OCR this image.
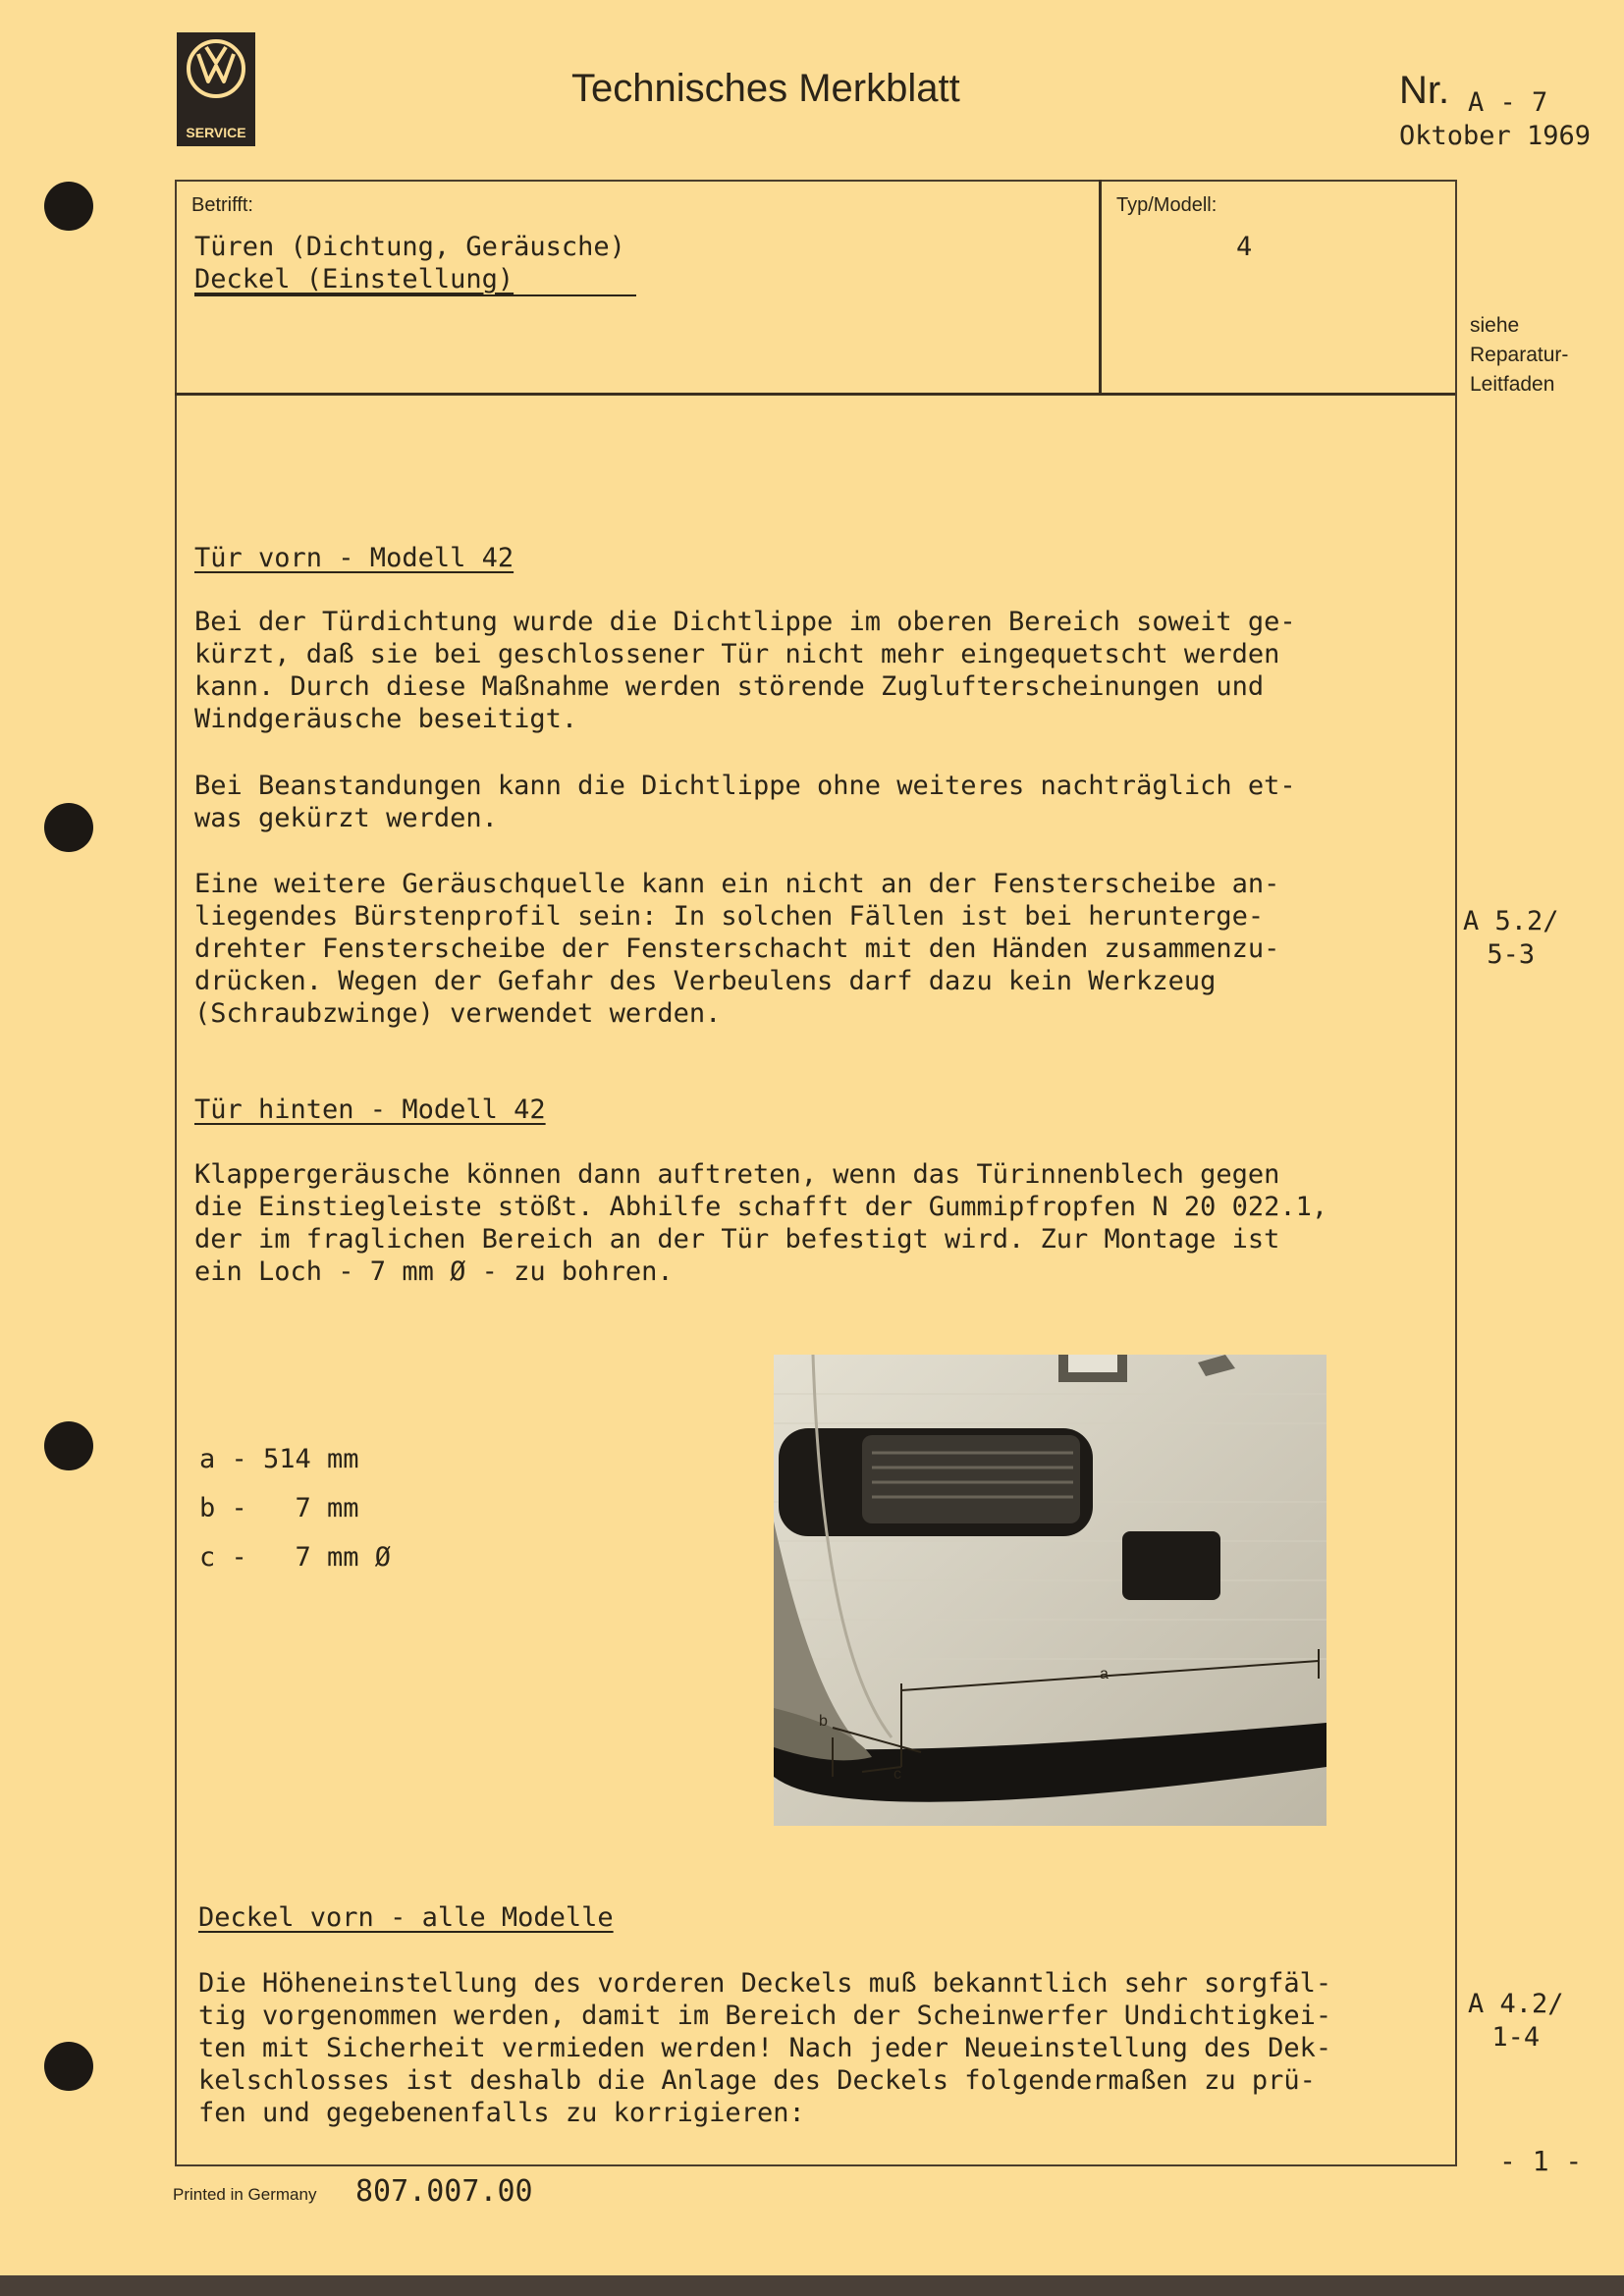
SERVICE
Technisches Merkblatt	Nr. A - 7
Oktober 1969
Betrifft:
Türen (Dichtung, Geräusche)
Deckel (Einstellung)
Typ/Modell:
4
siehe
Reparatur-
Leitfaden
Tür vorn - Modell 42
Bei der Türdichtung wurde die Dichtlippe im oberen Bereich soweit ge-
kürzt, daß sie bei geschlossener Tür nicht mehr eingequetscht werden
kann. Durch diese Maßnahme werden störende Zuglufterscheinungen und
Windgeräusche beseitigt.
Bei Beanstandungen kann die Dichtlippe ohne weiteres nachträglich et-
was gekürzt werden.
Eine weitere Geräuschquelle kann ein nicht an der Fensterscheibe an-
liegendes Bürstenprofil sein: In solchen Fällen ist bei herunterge-
drehter Fensterscheibe der Fensterschacht mit den Händen zusammenzu-
drücken. Wegen der Gefahr des Verbeulens darf dazu kein Werkzeug
(Schraubzwinge) verwendet werden.
A 5.2/
5-3
Tür hinten - Modell 42
Klappergeräusche können dann auftreten, wenn das Türinnenblech gegen
die Einstiegleiste stößt. Abhilfe schafft der Gummipfropfen N 20 022.1,
der im fraglichen Bereich an der Tür befestigt wird. Zur Montage ist
ein Loch - 7 mm Ø - zu bohren.
a - 514 mm
b -   7 mm
c -   7 mm Ø
a
b
c
Deckel vorn - alle Modelle
Die Höheneinstellung des vorderen Deckels muß bekanntlich sehr sorgfäl-
tig vorgenommen werden, damit im Bereich der Scheinwerfer Undichtigkei-
ten mit Sicherheit vermieden werden! Nach jeder Neueinstellung des Dek-
kelschlosses ist deshalb die Anlage des Deckels folgendermaßen zu prü-
fen und gegebenenfalls zu korrigieren:
A 4.2/
1-4
Printed in Germany 807.007.00
- 1 -
